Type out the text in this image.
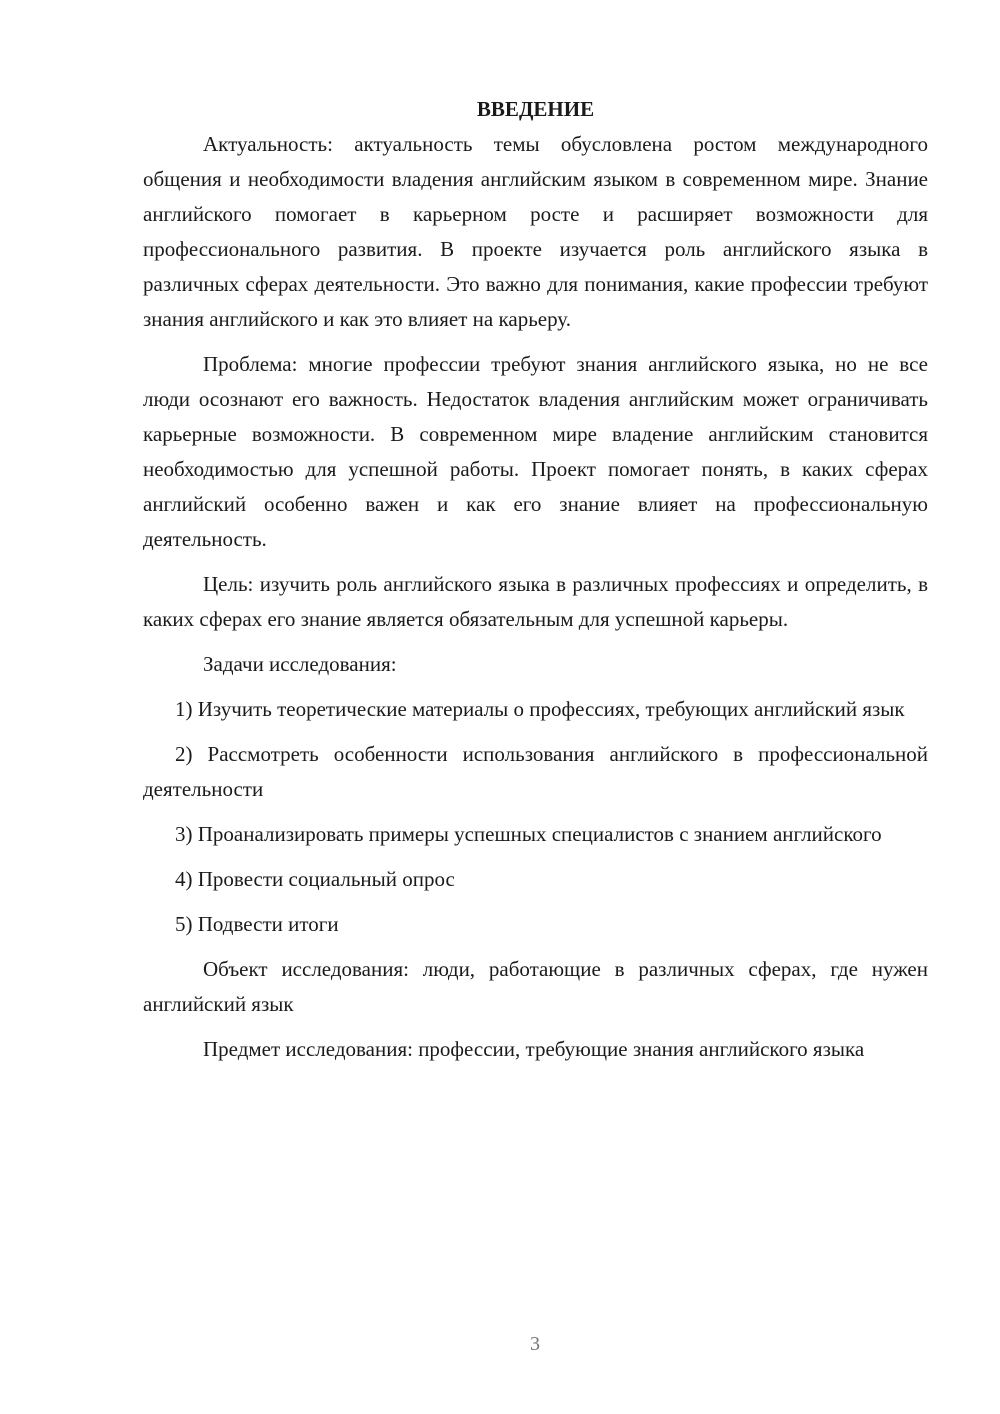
ВВЕДЕНИЕ

Актуальность: актуальность темы обусловлена ростом международного общения и необходимости владения английским языком в современном мире. Знание английского помогает в карьерном росте и расширяет возможности для профессионального развития. В проекте изучается роль английского языка в различных сферах деятельности. Это важно для понимания, какие профессии требуют знания английского и как это влияет на карьеру.

Проблема: многие профессии требуют знания английского языка, но не все люди осознают его важность. Недостаток владения английским может ограничивать карьерные возможности. В современном мире владение английским становится необходимостью для успешной работы. Проект помогает понять, в каких сферах английский особенно важен и как его знание влияет на профессиональную деятельность.

Цель: изучить роль английского языка в различных профессиях и определить, в каких сферах его знание является обязательным для успешной карьеры.

Задачи исследования:

1) Изучить теоретические материалы о профессиях, требующих английский язык

2) Рассмотреть особенности использования английского в профессиональной деятельности

3) Проанализировать примеры успешных специалистов с знанием английского

4) Провести социальный опрос

5) Подвести итоги

Объект исследования: люди, работающие в различных сферах, где нужен английский язык

Предмет исследования: профессии, требующие знания английского языка

3
